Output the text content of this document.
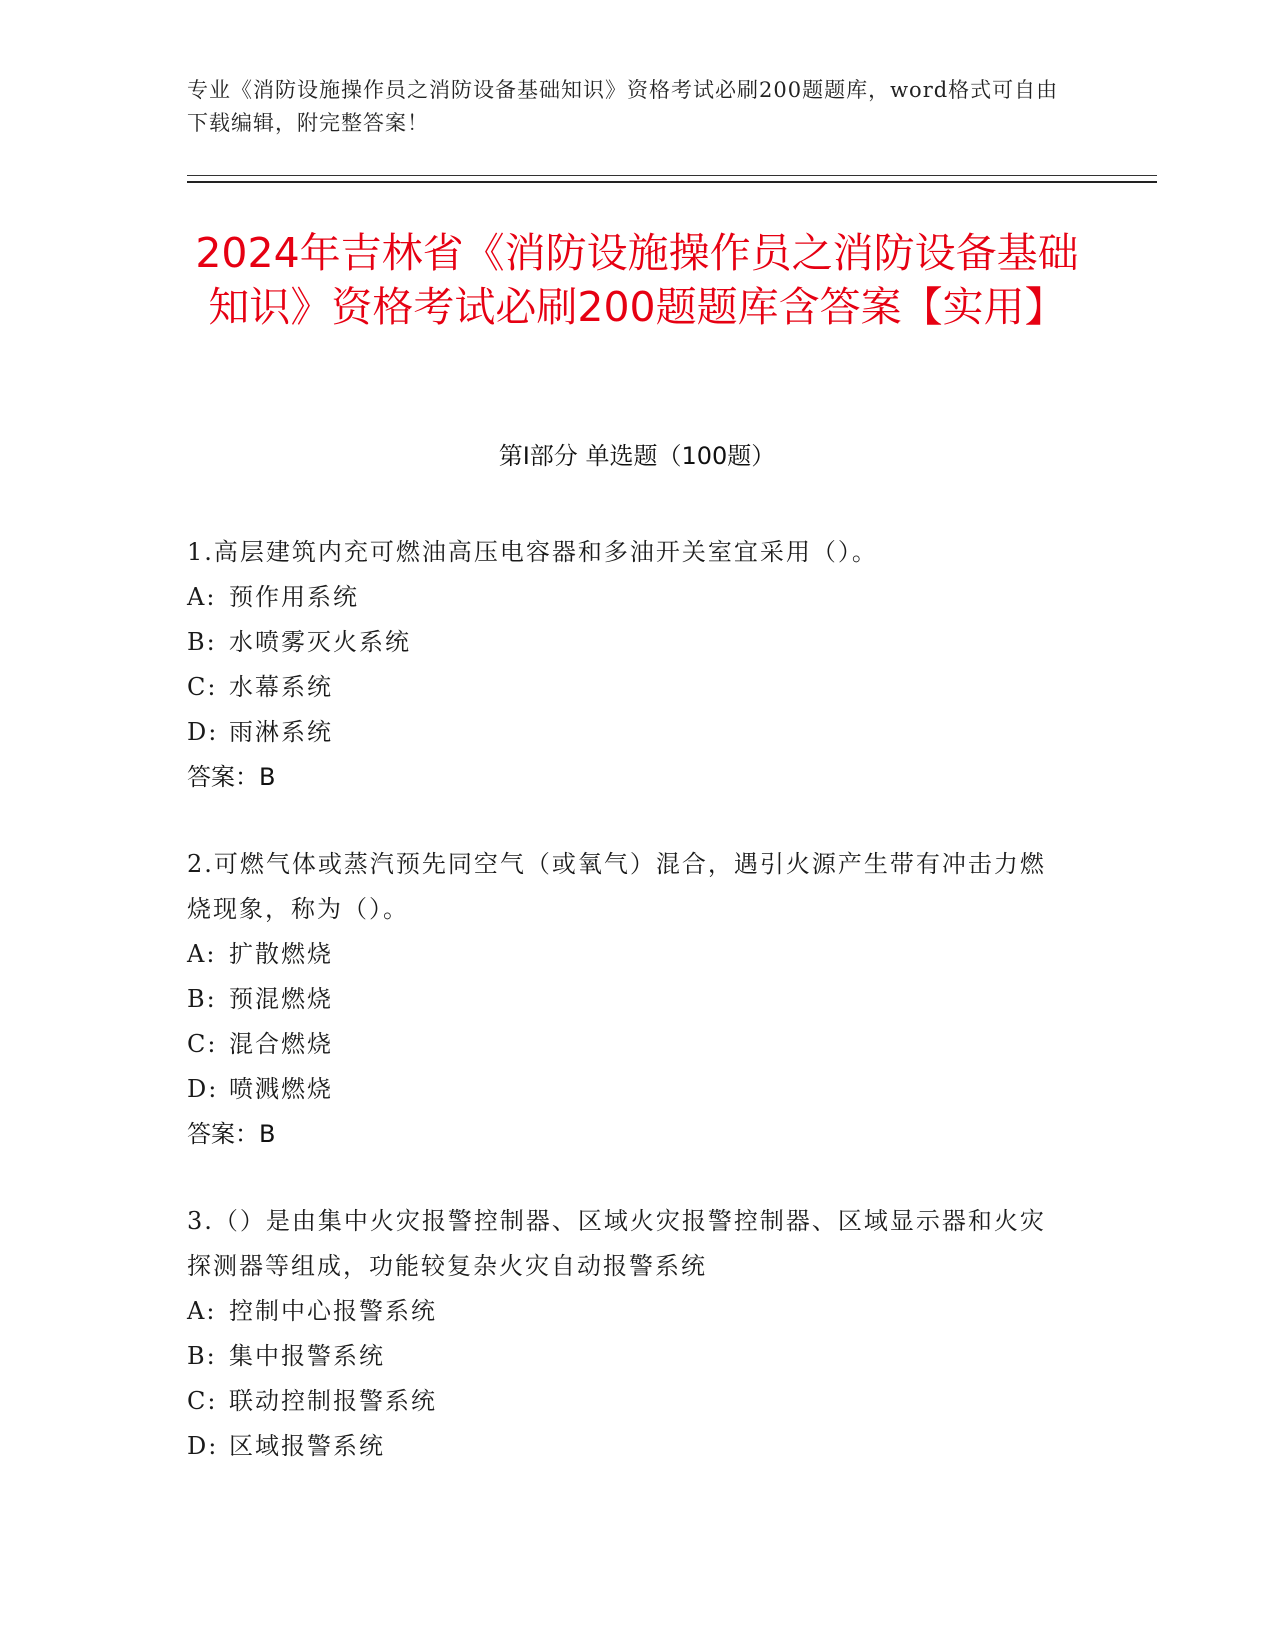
专业《消防设施操作员之消防设备基础知识》资格考试必刷200题题库，word格式可自由下载编辑，附完整答案！
2024年吉林省《消防设施操作员之消防设备基础知识》资格考试必刷200题题库含答案【实用】
第I部分 单选题（100题）

1.高层建筑内充可燃油高压电容器和多油开关室宜采用（）。

A: 预作用系统

B: 水喷雾灭火系统

C: 水幕系统

D: 雨淋系统

答案：B

2.可燃气体或蒸汽预先同空气（或氧气）混合，遇引火源产生带有冲击力燃烧现象，称为（）。

A: 扩散燃烧

B: 预混燃烧

C: 混合燃烧

D: 喷溅燃烧

答案：B

3.（）是由集中火灾报警控制器、区域火灾报警控制器、区域显示器和火灾探测器等组成，功能较复杂火灾自动报警系统

A: 控制中心报警系统

B: 集中报警系统

C: 联动控制报警系统

D: 区域报警系统
